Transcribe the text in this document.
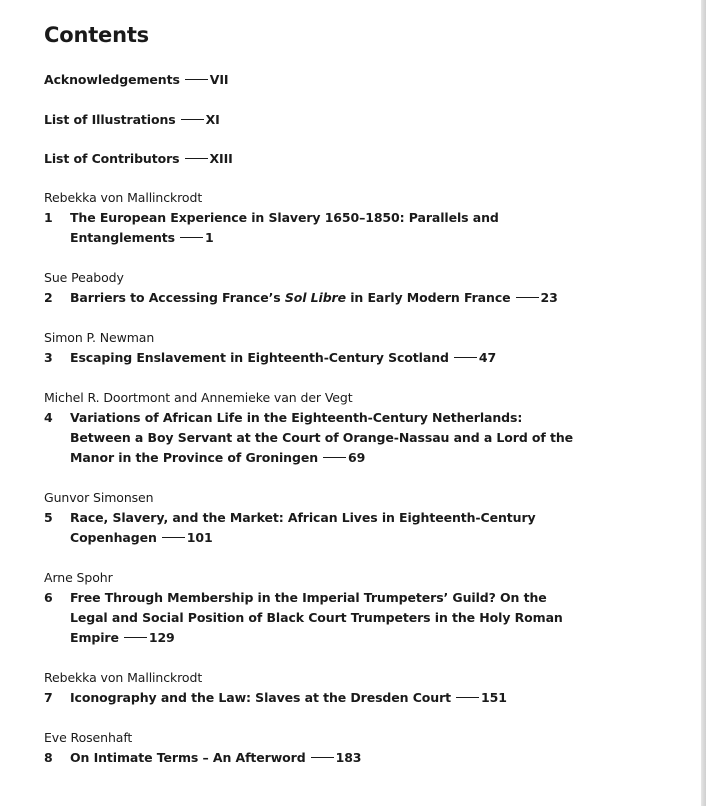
Contents
Acknowledgements VII
List of Illustrations XI
List of Contributors XIII
Rebekka von Mallinckrodt
1	The European Experience in Slavery 1650–1850: Parallels and
Entanglements 1
Sue Peabody
2	Barriers to Accessing France’s Sol Libre in Early Modern France 23
Simon P. Newman
3	Escaping Enslavement in Eighteenth-Century Scotland 47
Michel R. Doortmont and Annemieke van der Vegt
4	Variations of African Life in the Eighteenth-Century Netherlands:
Between a Boy Servant at the Court of Orange-Nassau and a Lord of the
Manor in the Province of Groningen 69
Gunvor Simonsen
5	Race, Slavery, and the Market: African Lives in Eighteenth-Century
Copenhagen 101
Arne Spohr
6	Free Through Membership in the Imperial Trumpeters’ Guild? On the
Legal and Social Position of Black Court Trumpeters in the Holy Roman
Empire 129
Rebekka von Mallinckrodt
7	Iconography and the Law: Slaves at the Dresden Court 151
Eve Rosenhaft
8	On Intimate Terms – An Afterword 183
